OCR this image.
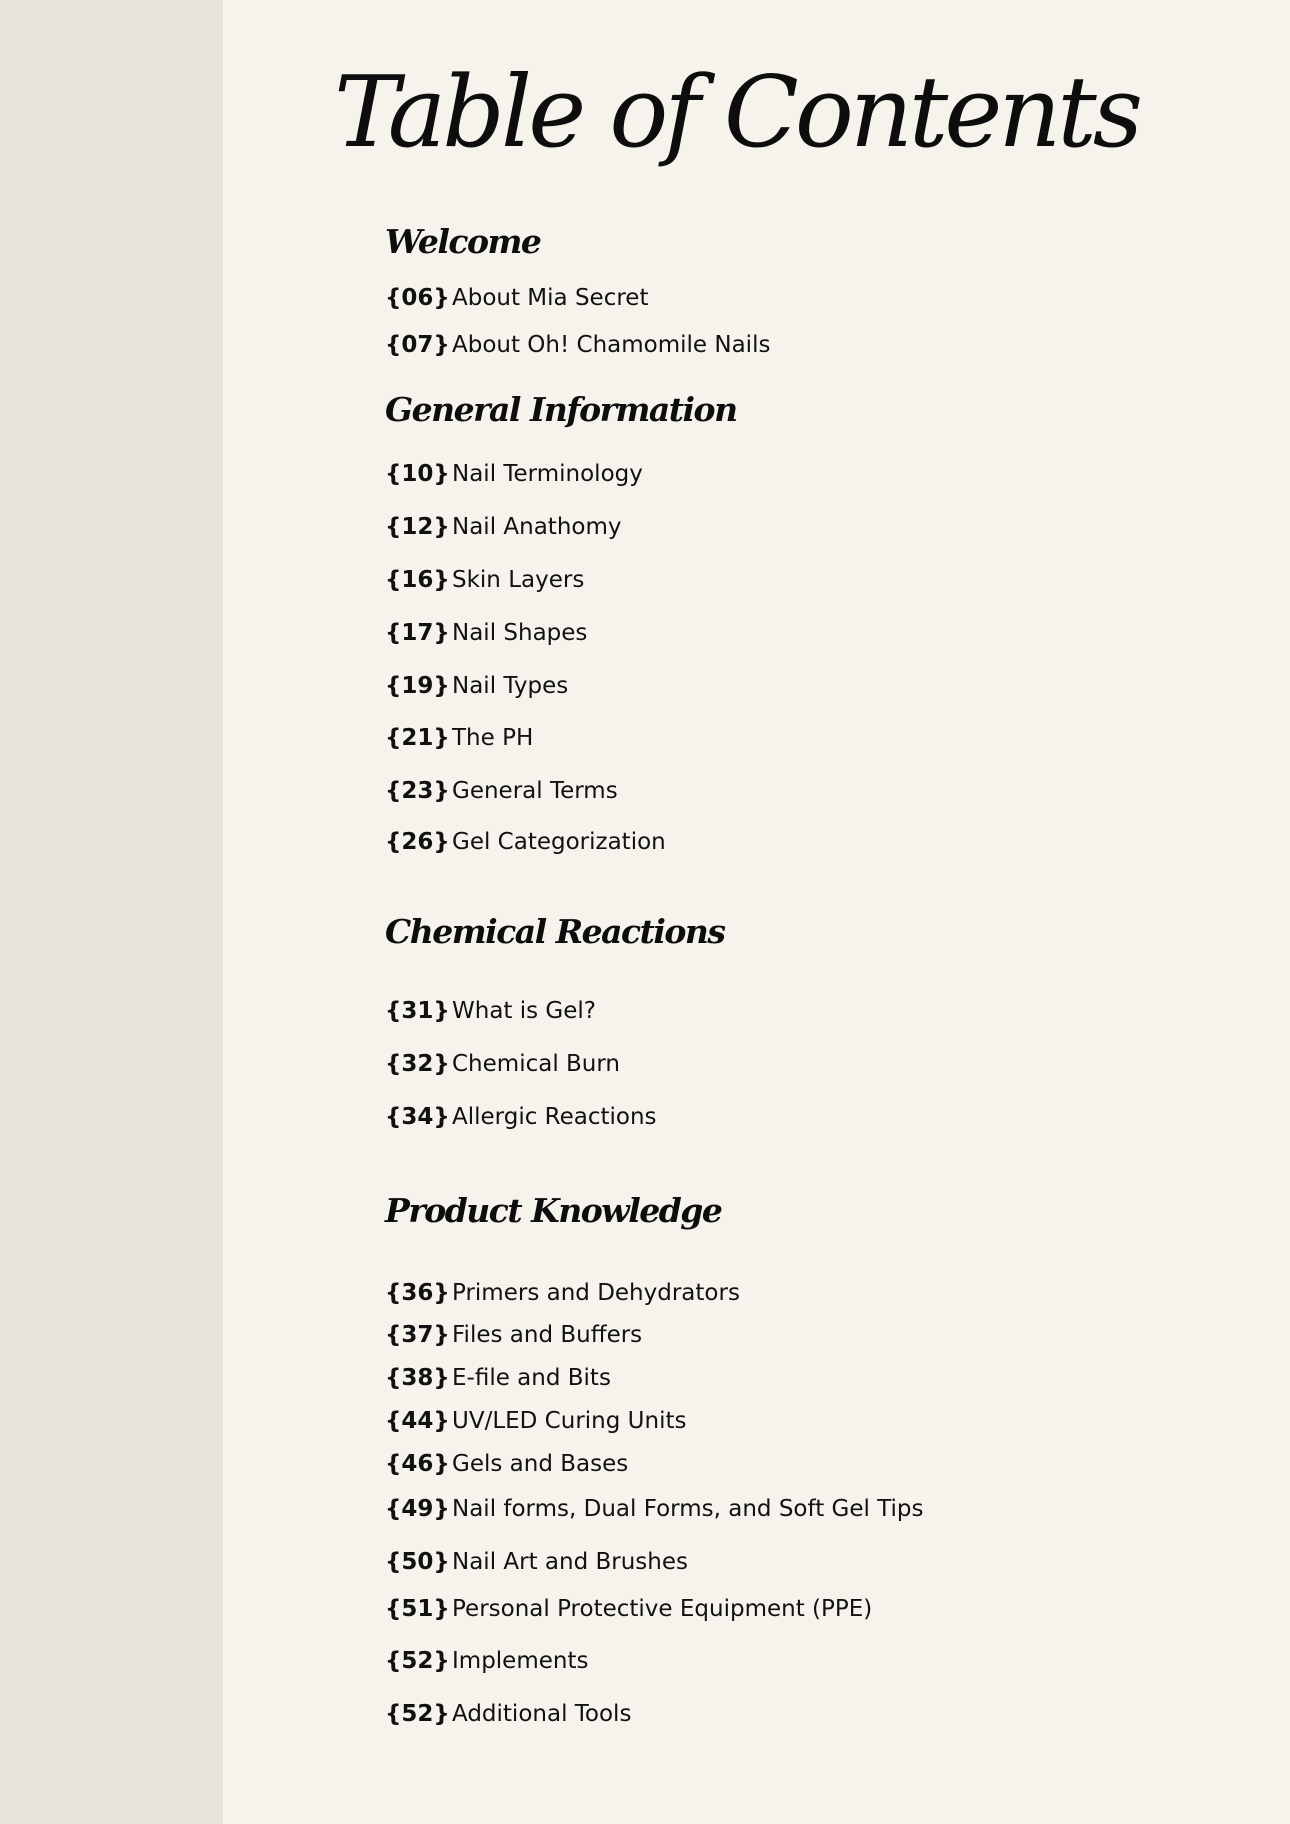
Table of Contents
Welcome
{06} About Mia Secret
{07} About Oh! Chamomile Nails
General Information
{10} Nail Terminology
{12} Nail Anathomy
{16} Skin Layers
{17} Nail Shapes
{19} Nail Types
{21} The PH
{23} General Terms
{26} Gel Categorization
Chemical Reactions
{31} What is Gel?
{32} Chemical Burn
{34} Allergic Reactions
Product Knowledge
{36} Primers and Dehydrators
{37} Files and Buffers
{38} E-file and Bits
{44} UV/LED Curing Units
{46} Gels and Bases
{49} Nail forms, Dual Forms, and Soft Gel Tips
{50} Nail Art and Brushes
{51} Personal Protective Equipment (PPE)
{52} Implements
{52} Additional Tools
